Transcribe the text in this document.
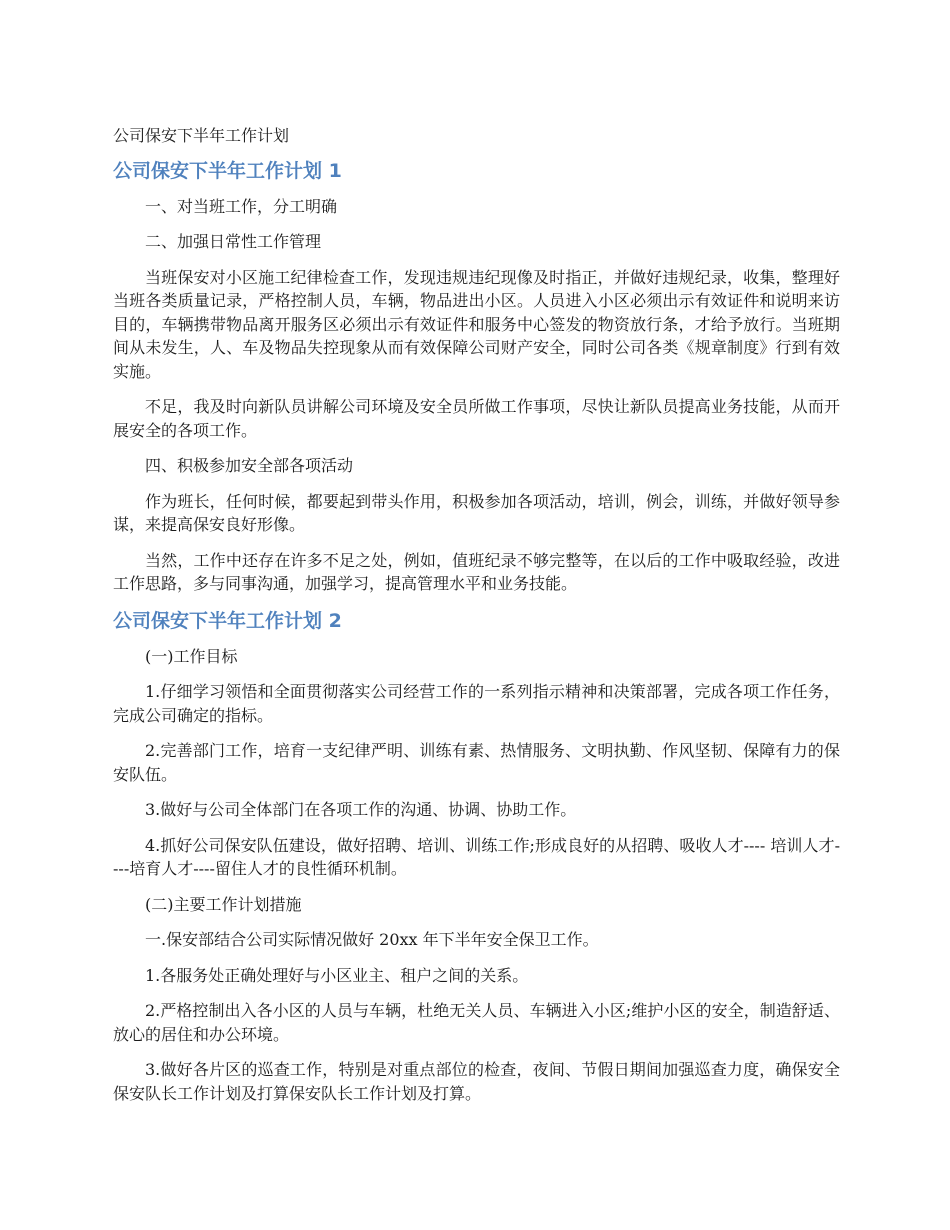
公司保安下半年工作计划
公司保安下半年工作计划 1

一、对当班工作，分工明确

二、加强日常性工作管理

当班保安对小区施工纪律检查工作，发现违规违纪现像及时指正，并做好违规纪录，收集，整理好当班各类质量记录，严格控制人员，车辆，物品进出小区。人员进入小区必须出示有效证件和说明来访目的，车辆携带物品离开服务区必须出示有效证件和服务中心签发的物资放行条，才给予放行。当班期间从未发生，人、车及物品失控现象从而有效保障公司财产安全，同时公司各类《规章制度》行到有效实施。

不足，我及时向新队员讲解公司环境及安全员所做工作事项，尽快让新队员提高业务技能，从而开展安全的各项工作。

四、积极参加安全部各项活动

作为班长，任何时候，都要起到带头作用，积极参加各项活动，培训，例会，训练，并做好领导参谋，来提高保安良好形像。

当然，工作中还存在许多不足之处，例如，值班纪录不够完整等，在以后的工作中吸取经验，改进工作思路，多与同事沟通，加强学习，提高管理水平和业务技能。

公司保安下半年工作计划 2

(一)工作目标

1.仔细学习领悟和全面贯彻落实公司经营工作的一系列指示精神和决策部署，完成各项工作任务，完成公司确定的指标。

2.完善部门工作，培育一支纪律严明、训练有素、热情服务、文明执勤、作风坚韧、保障有力的保安队伍。

3.做好与公司全体部门在各项工作的沟通、协调、协助工作。

4.抓好公司保安队伍建设，做好招聘、培训、训练工作;形成良好的从招聘、吸收人才---- 培训人才----培育人才----留住人才的良性循环机制。

(二)主要工作计划措施

一.保安部结合公司实际情况做好 20xx 年下半年安全保卫工作。

1.各服务处正确处理好与小区业主、租户之间的关系。

2.严格控制出入各小区的人员与车辆，杜绝无关人员、车辆进入小区;维护小区的安全，制造舒适、放心的居住和办公环境。

3.做好各片区的巡查工作，特别是对重点部位的检查，夜间、节假日期间加强巡查力度，确保安全保安队长工作计划及打算保安队长工作计划及打算。
